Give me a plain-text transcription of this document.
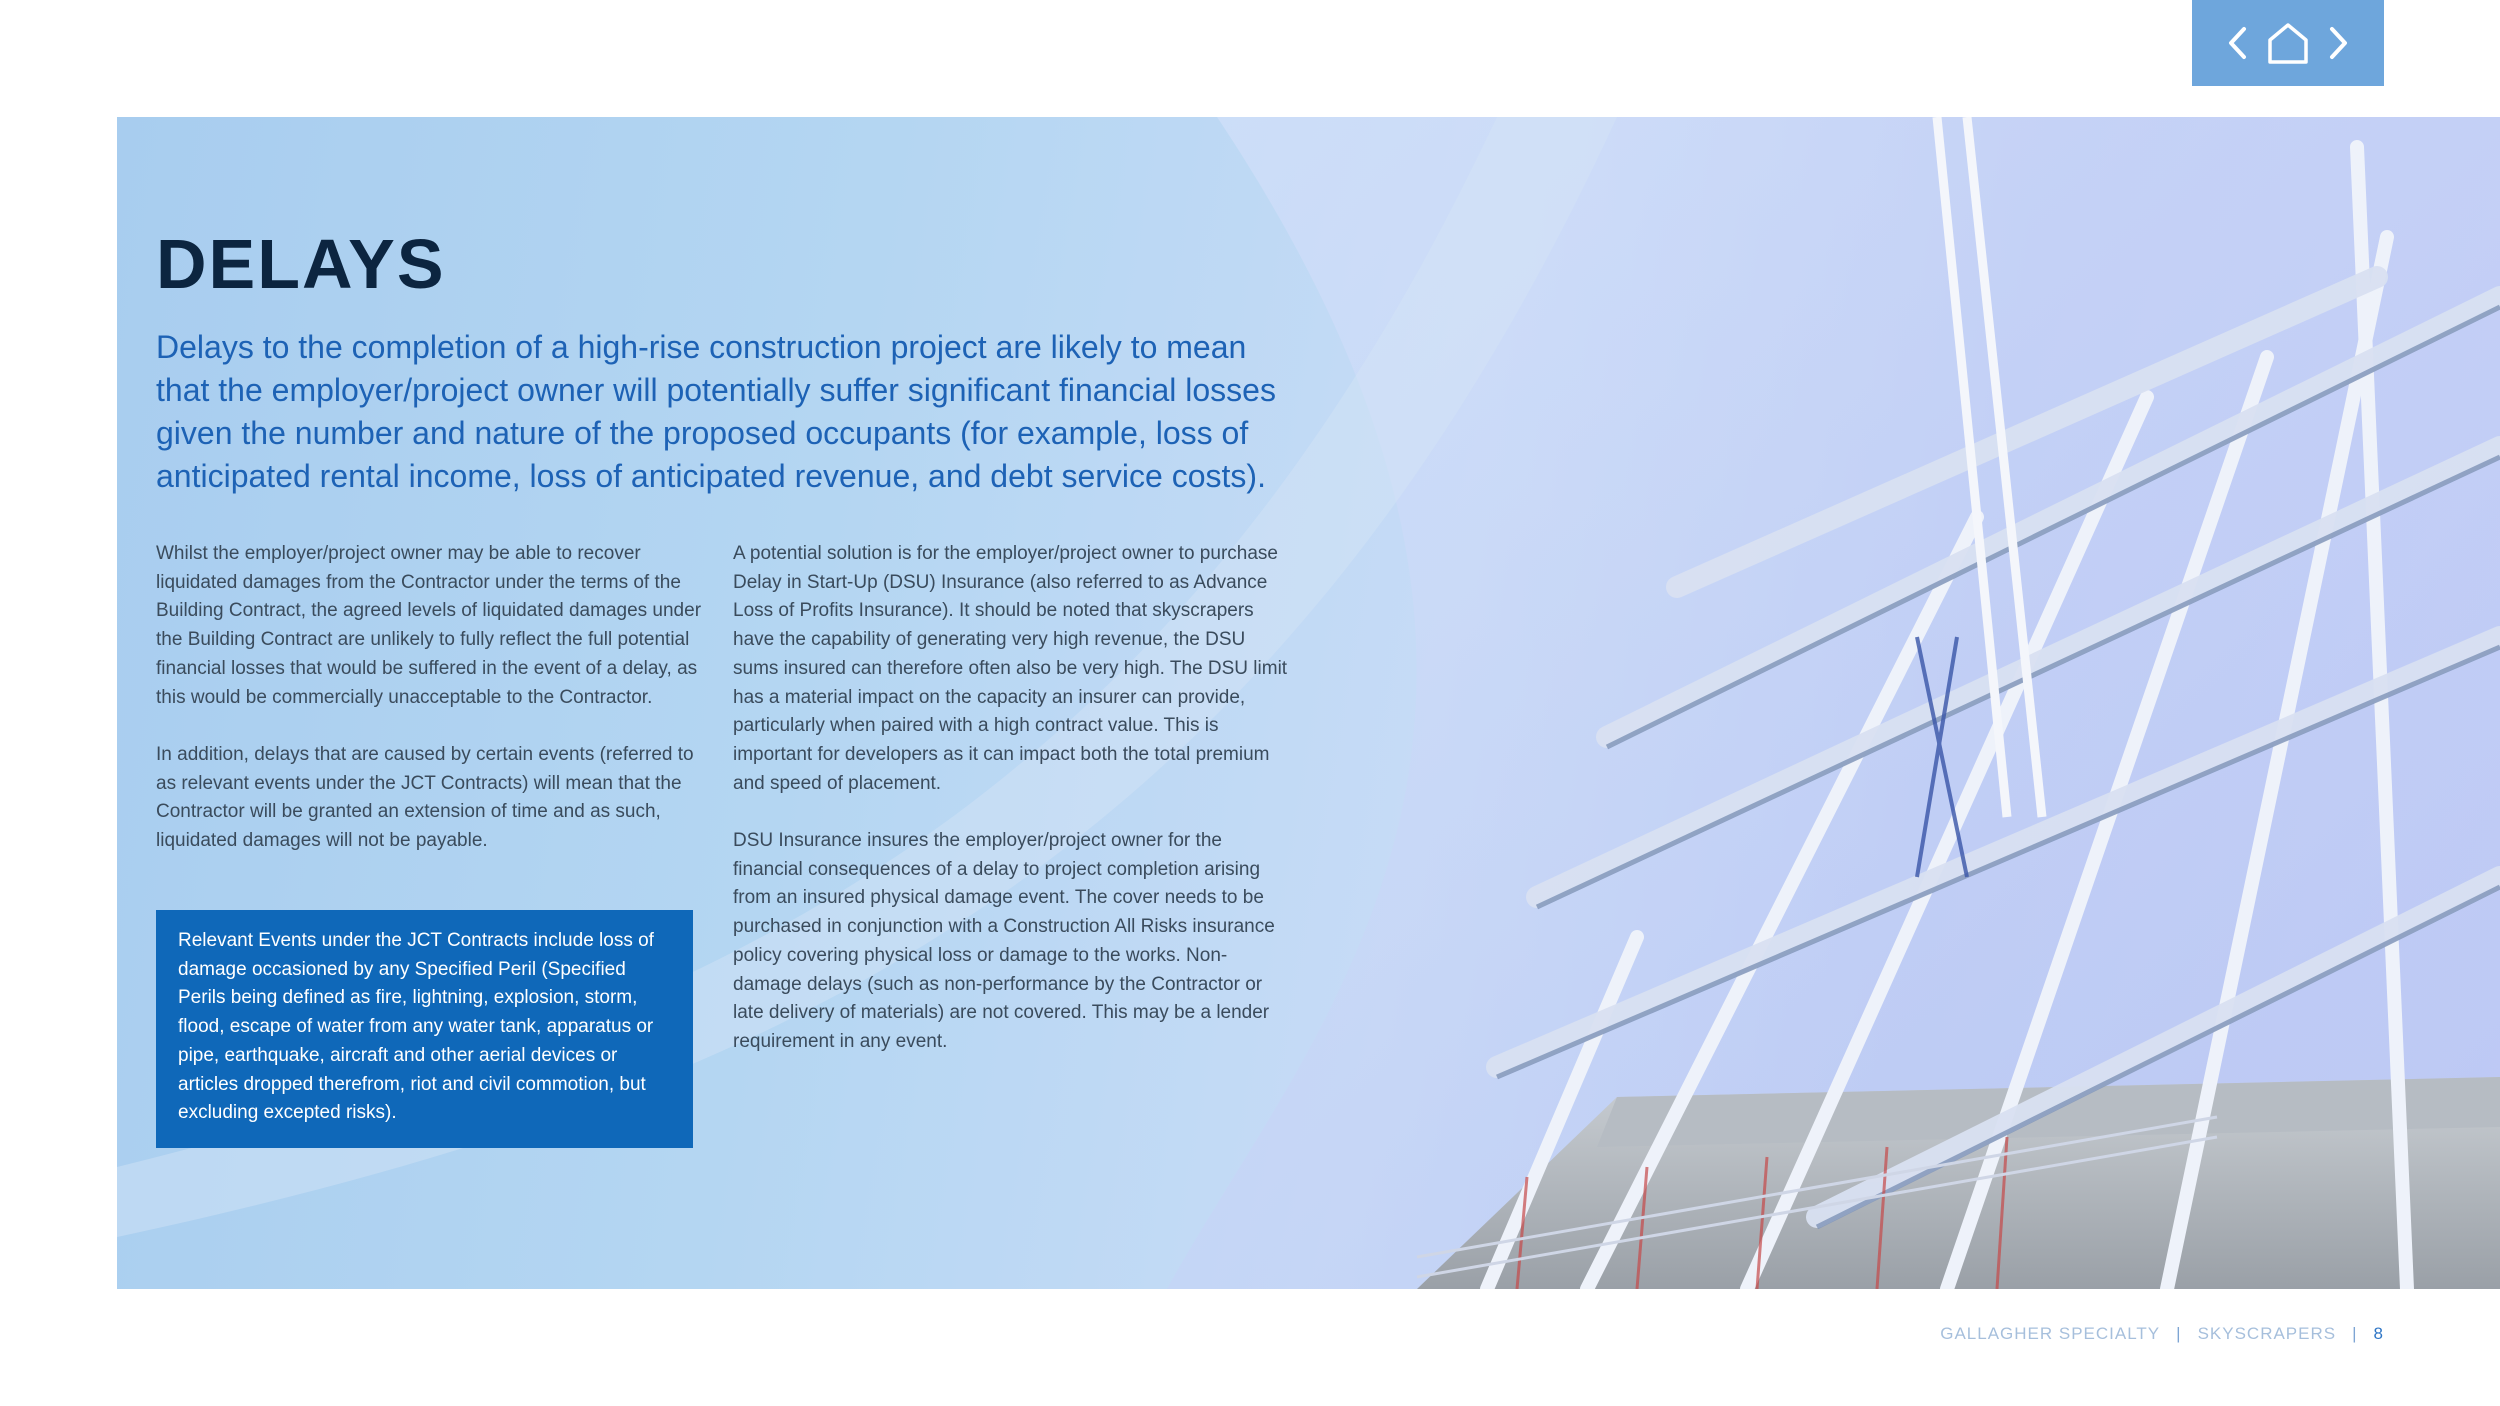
DELAYS
Delays to the completion of a high-rise construction project are likely to mean that the employer/project owner will potentially suffer significant financial losses given the number and nature of the proposed occupants (for example, loss of anticipated rental income, loss of anticipated revenue, and debt service costs).

Whilst the employer/project owner may be able to recover liquidated damages from the Contractor under the terms of the Building Contract, the agreed levels of liquidated damages under the Building Contract are unlikely to fully reflect the full potential financial losses that would be suffered in the event of a delay, as this would be commercially unacceptable to the Contractor.

In addition, delays that are caused by certain events (referred to as relevant events under the JCT Contracts) will mean that the Contractor will be granted an extension of time and as such, liquidated damages will not be payable.

Relevant Events under the JCT Contracts include loss of damage occasioned by any Specified Peril (Specified Perils being defined as fire, lightning, explosion, storm, flood, escape of water from any water tank, apparatus or pipe, earthquake, aircraft and other aerial devices or articles dropped therefrom, riot and civil commotion, but excluding excepted risks).

A potential solution is for the employer/project owner to purchase Delay in Start-Up (DSU) Insurance (also referred to as Advance Loss of Profits Insurance). It should be noted that skyscrapers have the capability of generating very high revenue, the DSU sums insured can therefore often also be very high. The DSU limit has a material impact on the capacity an insurer can provide, particularly when paired with a high contract value. This is important for developers as it can impact both the total premium and speed of placement.

DSU Insurance insures the employer/project owner for the financial consequences of a delay to project completion arising from an insured physical damage event. The cover needs to be purchased in conjunction with a Construction All Risks insurance policy covering physical loss or damage to the works. Non-damage delays (such as non-performance by the Contractor or late delivery of materials) are not covered. This may be a lender requirement in any event.

GALLAGHER SPECIALTY | SKYSCRAPERS | 8
